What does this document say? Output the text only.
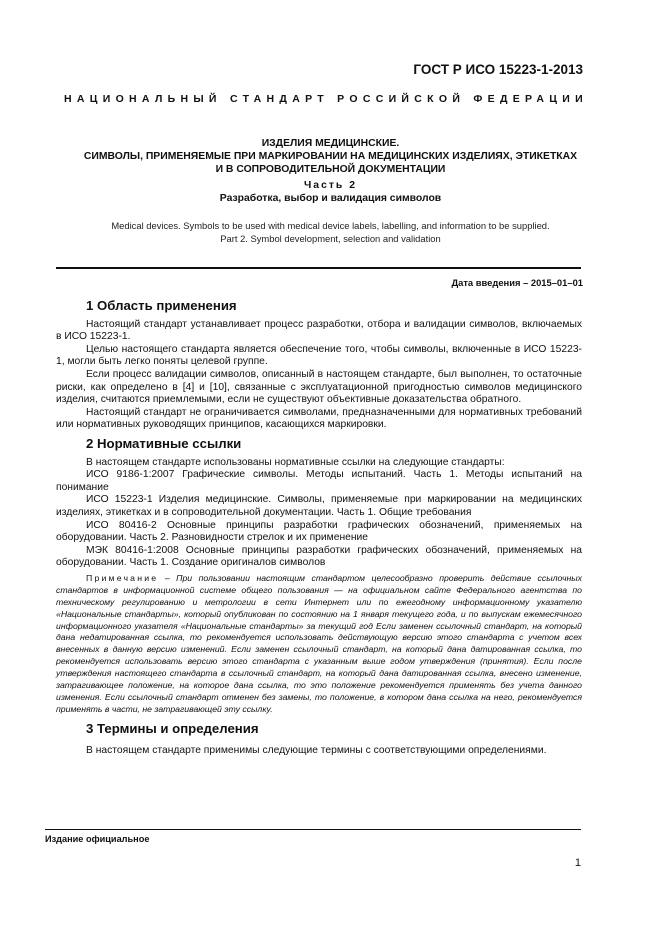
ГОСТ Р ИСО 15223-1-2013
НАЦИОНАЛЬНЫЙ СТАНДАРТ РОССИЙСКОЙ ФЕДЕРАЦИИ
ИЗДЕЛИЯ МЕДИЦИНСКИЕ.
СИМВОЛЫ, ПРИМЕНЯЕМЫЕ ПРИ МАРКИРОВАНИИ НА МЕДИЦИНСКИХ ИЗДЕЛИЯХ, ЭТИКЕТКАХ
И В СОПРОВОДИТЕЛЬНОЙ ДОКУМЕНТАЦИИ
Часть 2
Разработка, выбор и валидация символов
Medical devices. Symbols to be used with medical device labels, labelling, and information to be supplied.
Part 2. Symbol development, selection and validation
Дата введения – 2015–01–01
1 Область применения

Настоящий стандарт устанавливает процесс разработки, отбора и валидации символов, включаемых в ИСО 15223-1.

Целью настоящего стандарта является обеспечение того, чтобы символы, включенные в ИСО 15223-1, могли быть легко поняты целевой группе.

Если процесс валидации символов, описанный в настоящем стандарте, был выполнен, то остаточные риски, как определено в [4] и [10], связанные с эксплуатационной пригодностью символов медицинского изделия, считаются приемлемыми, если не существуют объективные доказательства обратного.

Настоящий стандарт не ограничивается символами, предназначенными для нормативных требований или нормативных руководящих принципов, касающихся маркировки.

2 Нормативные ссылки

В настоящем стандарте использованы нормативные ссылки на следующие стандарты:

ИСО 9186-1:2007 Графические символы. Методы испытаний. Часть 1. Методы испытаний на понимание

ИСО 15223-1 Изделия медицинские. Символы, применяемые при маркировании на медицинских изделиях, этикетках и в сопроводительной документации. Часть 1. Общие требования

ИСО 80416-2 Основные принципы разработки графических обозначений, применяемых на оборудовании. Часть 2. Разновидности стрелок и их применение

МЭК 80416-1:2008 Основные принципы разработки графических обозначений, применяемых на оборудовании. Часть 1. Создание оригиналов символов

Примечание – При пользовании настоящим стандартом целесообразно проверить действие ссылочных стандартов в информационной системе общего пользования — на официальном сайте Федерального агентства по техническому регулированию и метрологии в сети Интернет или по ежегодному информационному указателю «Национальные стандарты», который опубликован по состоянию на 1 января текущего года, и по выпускам ежемесячного информационного указателя «Национальные стандарты» за текущий год Если заменен ссылочный стандарт, на который дана недатированная ссылка, то рекомендуется использовать действующую версию этого стандарта с учетом всех внесенных в данную версию изменений. Если заменен ссылочный стандарт, на который дана датированная ссылка, то рекомендуется использовать версию этого стандарта с указанным выше годом утверждения (принятия). Если после утверждения настоящего стандарта в ссылочный стандарт, на который дана датированная ссылка, внесено изменение, затрагивающее положение, на которое дана ссылка, то это положение рекомендуется применять без учета данного изменения. Если ссылочный стандарт отменен без замены, то положение, в котором дана ссылка на него, рекомендуется применять в части, не затрагивающей эту ссылку.

3 Термины и определения

В настоящем стандарте применимы следующие термины с соответствующими определениями.

Издание официальное
1
